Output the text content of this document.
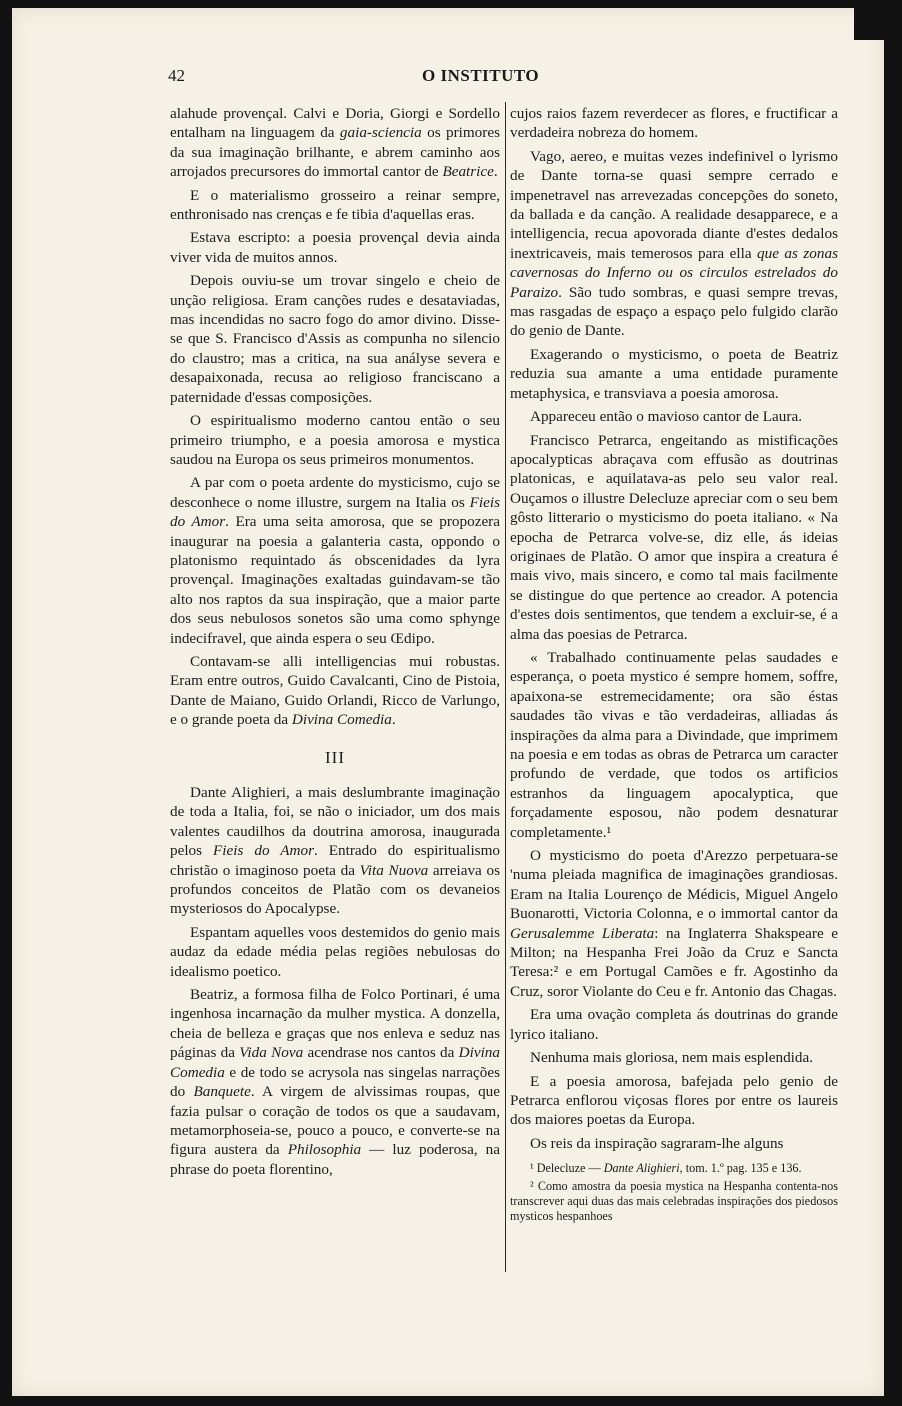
42	O INSTITUTO

alahude provençal. Calvi e Doria, Giorgi e Sordello entalham na linguagem da gaia-sciencia os primores da sua imaginação brilhante, e abrem caminho aos arrojados precursores do immortal cantor de Beatrice.

E o materialismo grosseiro a reinar sempre, enthronisado nas crenças e fe tibia d'aquellas eras.

Estava escripto: a poesia provençal devia ainda viver vida de muitos annos.

Depois ouviu-se um trovar singelo e cheio de unção religiosa. Eram canções rudes e desataviadas, mas incendidas no sacro fogo do amor divino. Disse-se que S. Francisco d'Assis as compunha no silencio do claustro; mas a critica, na sua anályse severa e desapaixonada, recusa ao religioso franciscano a paternidade d'essas composições.

O espiritualismo moderno cantou então o seu primeiro triumpho, e a poesia amorosa e mystica saudou na Europa os seus primeiros monumentos.

A par com o poeta ardente do mysticismo, cujo se desconhece o nome illustre, surgem na Italia os Fieis do Amor. Era uma seita amorosa, que se propozera inaugurar na poesia a galanteria casta, oppondo o platonismo requintado ás obscenidades da lyra provençal. Imaginações exaltadas guindavam-se tão alto nos raptos da sua inspiração, que a maior parte dos seus nebulosos sonetos são uma como sphynge indecifravel, que ainda espera o seu Œdipo.

Contavam-se alli intelligencias mui robustas. Eram entre outros, Guido Cavalcanti, Cino de Pistoia, Dante de Maiano, Guido Orlandi, Ricco de Varlungo, e o grande poeta da Divina Comedia.

III

Dante Alighieri, a mais deslumbrante imaginação de toda a Italia, foi, se não o iniciador, um dos mais valentes caudilhos da doutrina amorosa, inaugurada pelos Fieis do Amor. Entrado do espiritualismo christão o imaginoso poeta da Vita Nuova arreiava os profundos conceitos de Platão com os devaneios mysteriosos do Apocalypse.

Espantam aquelles voos destemidos do genio mais audaz da edade média pelas regiões nebulosas do idealismo poetico.

Beatriz, a formosa filha de Folco Portinari, é uma ingenhosa incarnação da mulher mystica. A donzella, cheia de belleza e graças que nos enleva e seduz nas páginas da Vida Nova acendrase nos cantos da Divina Comedia e de todo se acrysola nas singelas narrações do Banquete. A virgem de alvissimas roupas, que fazia pulsar o coração de todos os que a saudavam, metamorphoseia-se, pouco a pouco, e converte-se na figura austera da Philosophia — luz poderosa, na phrase do poeta florentino,

cujos raios fazem reverdecer as flores, e fructificar a verdadeira nobreza do homem.

Vago, aereo, e muitas vezes indefinivel o lyrismo de Dante torna-se quasi sempre cerrado e impenetravel nas arrevezadas concepções do soneto, da ballada e da canção. A realidade desapparece, e a intelligencia, recua apovorada diante d'estes dedalos inextricaveis, mais temerosos para ella que as zonas cavernosas do Inferno ou os circulos estrelados do Paraizo. São tudo sombras, e quasi sempre trevas, mas rasgadas de espaço a espaço pelo fulgido clarão do genio de Dante.

Exagerando o mysticismo, o poeta de Beatriz reduzia sua amante a uma entidade puramente metaphysica, e transviava a poesia amorosa.

Appareceu então o mavioso cantor de Laura.

Francisco Petrarca, engeitando as mistificações apocalypticas abraçava com effusão as doutrinas platonicas, e aquilatava-as pelo seu valor real. Ouçamos o illustre Delecluze apreciar com o seu bem gôsto litterario o mysticismo do poeta italiano. « Na epocha de Petrarca volve-se, diz elle, ás ideias originaes de Platão. O amor que inspira a creatura é mais vivo, mais sincero, e como tal mais facilmente se distingue do que pertence ao creador. A potencia d'estes dois sentimentos, que tendem a excluir-se, é a alma das poesias de Petrarca.

« Trabalhado continuamente pelas saudades e esperança, o poeta mystico é sempre homem, soffre, apaixona-se estremecidamente; ora são éstas saudades tão vivas e tão verdadeiras, alliadas ás inspirações da alma para a Divindade, que imprimem na poesia e em todas as obras de Petrarca um caracter profundo de verdade, que todos os artificios estranhos da linguagem apocalyptica, que forçadamente esposou, não podem desnaturar completamente.¹

O mysticismo do poeta d'Arezzo perpetuara-se 'numa pleiada magnifica de imaginações grandiosas. Eram na Italia Lourenço de Médicis, Miguel Angelo Buonarotti, Victoria Colonna, e o immortal cantor da Gerusalemme Liberata: na Inglaterra Shakspeare e Milton; na Hespanha Frei João da Cruz e Sancta Teresa:² e em Portugal Camões e fr. Agostinho da Cruz, soror Violante do Ceu e fr. Antonio das Chagas.

Era uma ovação completa ás doutrinas do grande lyrico italiano.

Nenhuma mais gloriosa, nem mais esplendida.

E a poesia amorosa, bafejada pelo genio de Petrarca enflorou viçosas flores por entre os laureis dos maiores poetas da Europa.

Os reis da inspiração sagraram-lhe alguns

¹ Delecluze — Dante Alighieri, tom. 1.º pag. 135 e 136.

² Como amostra da poesia mystica na Hespanha contenta-nos transcrever aqui duas das mais celebradas inspirações dos piedosos mysticos hespanhoes
